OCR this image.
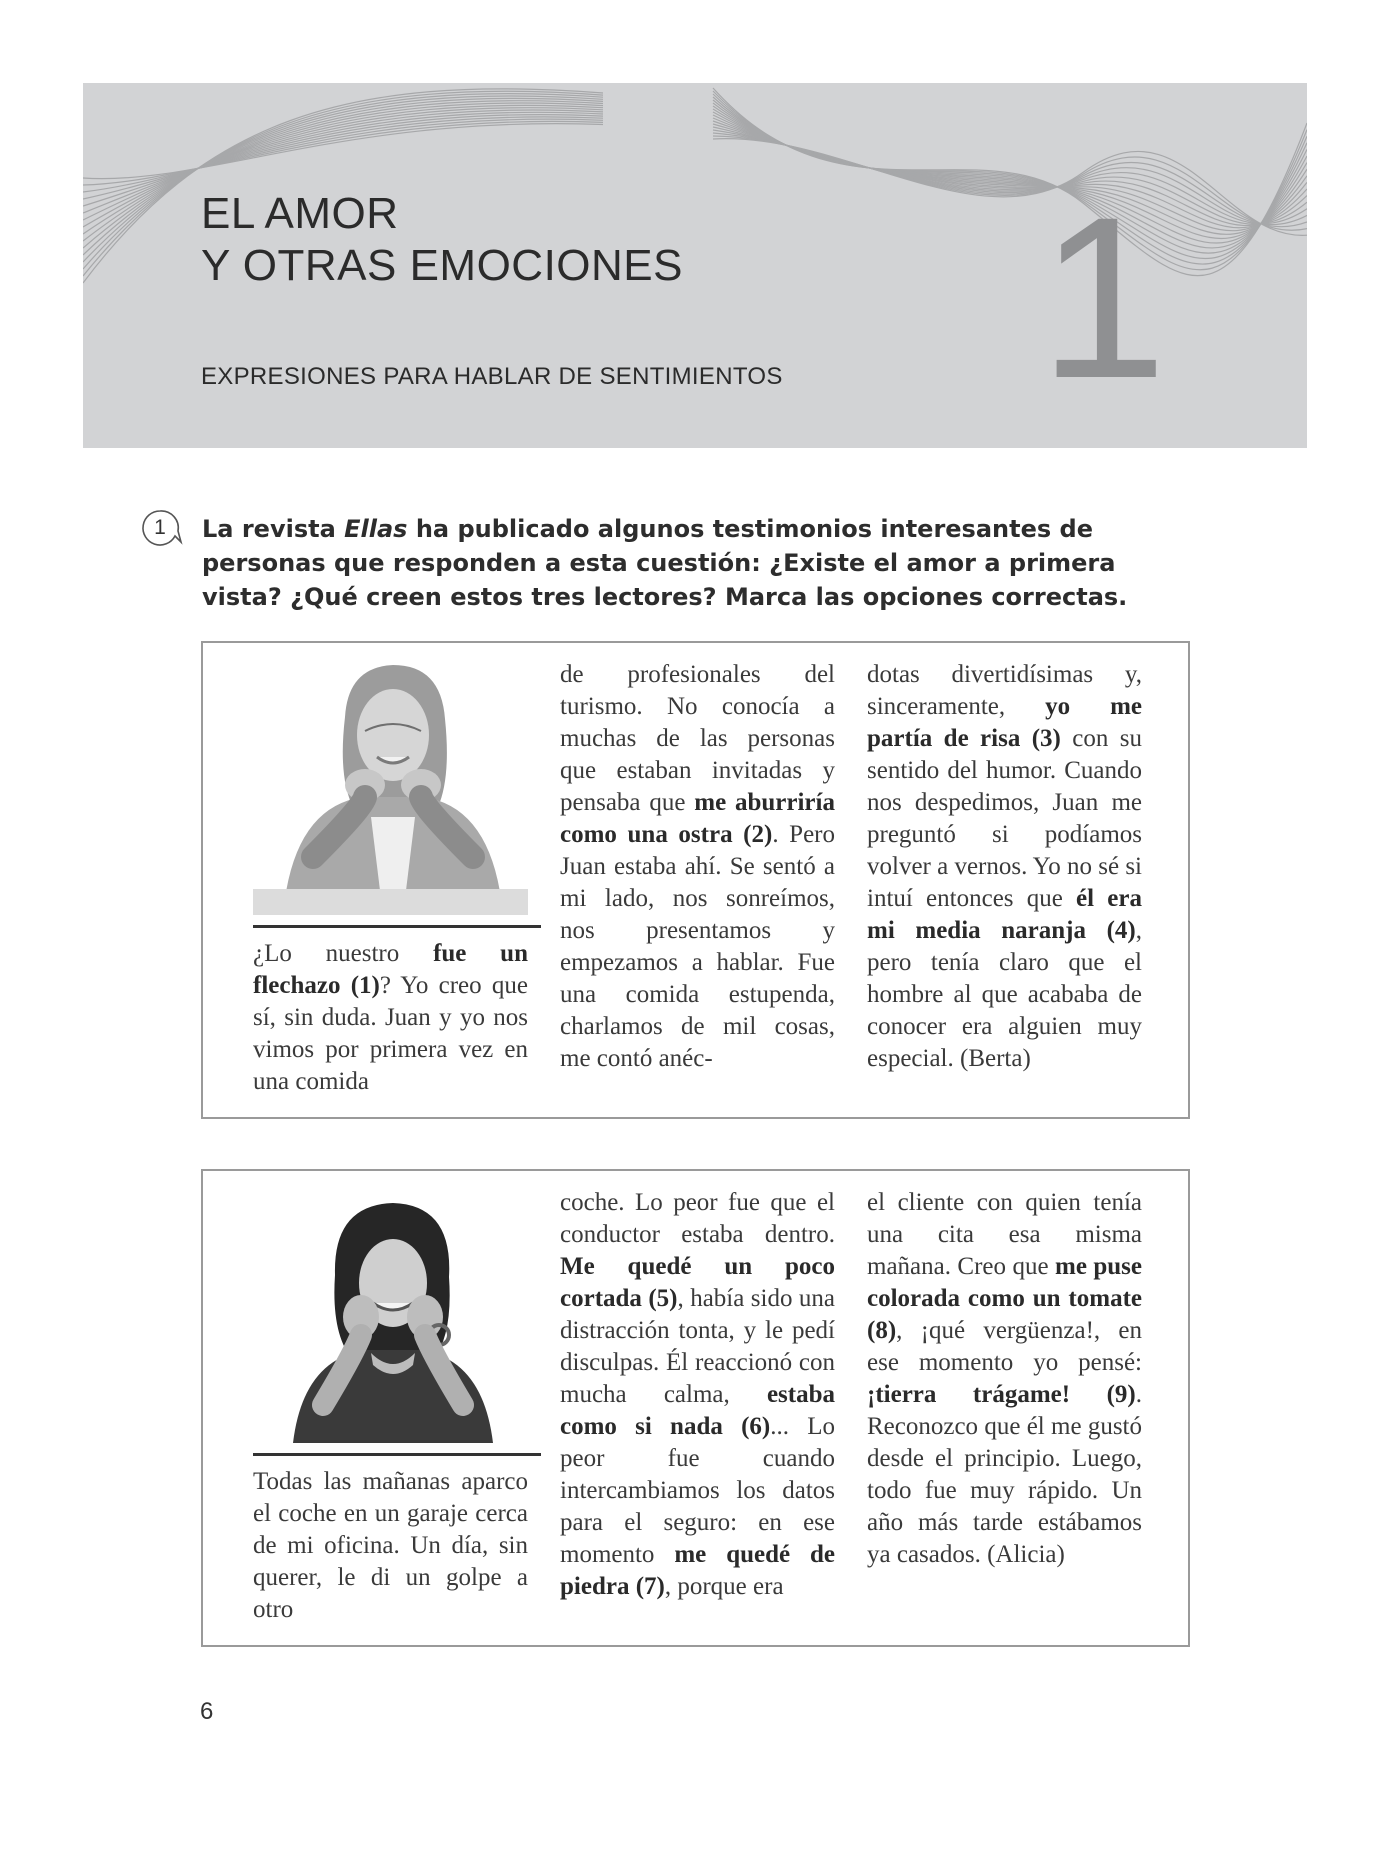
EL AMOR
Y OTRAS EMOCIONES
EXPRESIONES PARA HABLAR DE SENTIMIENTOS 1
1	La revista Ellas ha publicado algunos testimonios interesantes de personas que responden a esta cuestión: ¿Existe el amor a primera vista? ¿Qué creen estos tres lectores? Marca las opciones correctas.

¿Lo nuestro fue un flechazo (1)? Yo creo que sí, sin duda. Juan y yo nos vimos por primera vez en una comida

de profesionales del turismo. No conocía a muchas de las personas que estaban invitadas y pensaba que me aburriría como una ostra (2). Pero Juan estaba ahí. Se sentó a mi lado, nos sonreímos, nos presentamos y empezamos a hablar. Fue una comida estupenda, charlamos de mil cosas, me contó anéc-

dotas divertidísimas y, sinceramente, yo me partía de risa (3) con su sentido del humor. Cuando nos despedimos, Juan me preguntó si podíamos volver a vernos. Yo no sé si intuí entonces que él era mi media naranja (4), pero tenía claro que el hombre al que acababa de conocer era alguien muy especial. (Berta)

Todas las mañanas aparco el coche en un garaje cerca de mi oficina. Un día, sin querer, le di un golpe a otro

coche. Lo peor fue que el conductor estaba dentro. Me quedé un poco cortada (5), había sido una distracción tonta, y le pedí disculpas. Él reaccionó con mucha calma, estaba como si nada (6)... Lo peor fue cuando intercambiamos los datos para el seguro: en ese momento me quedé de piedra (7), porque era

el cliente con quien tenía una cita esa misma mañana. Creo que me puse colorada como un tomate (8), ¡qué vergüenza!, en ese momento yo pensé: ¡tierra trágame! (9). Reconozco que él me gustó desde el principio. Luego, todo fue muy rápido. Un año más tarde estábamos ya casados. (Alicia)

6
